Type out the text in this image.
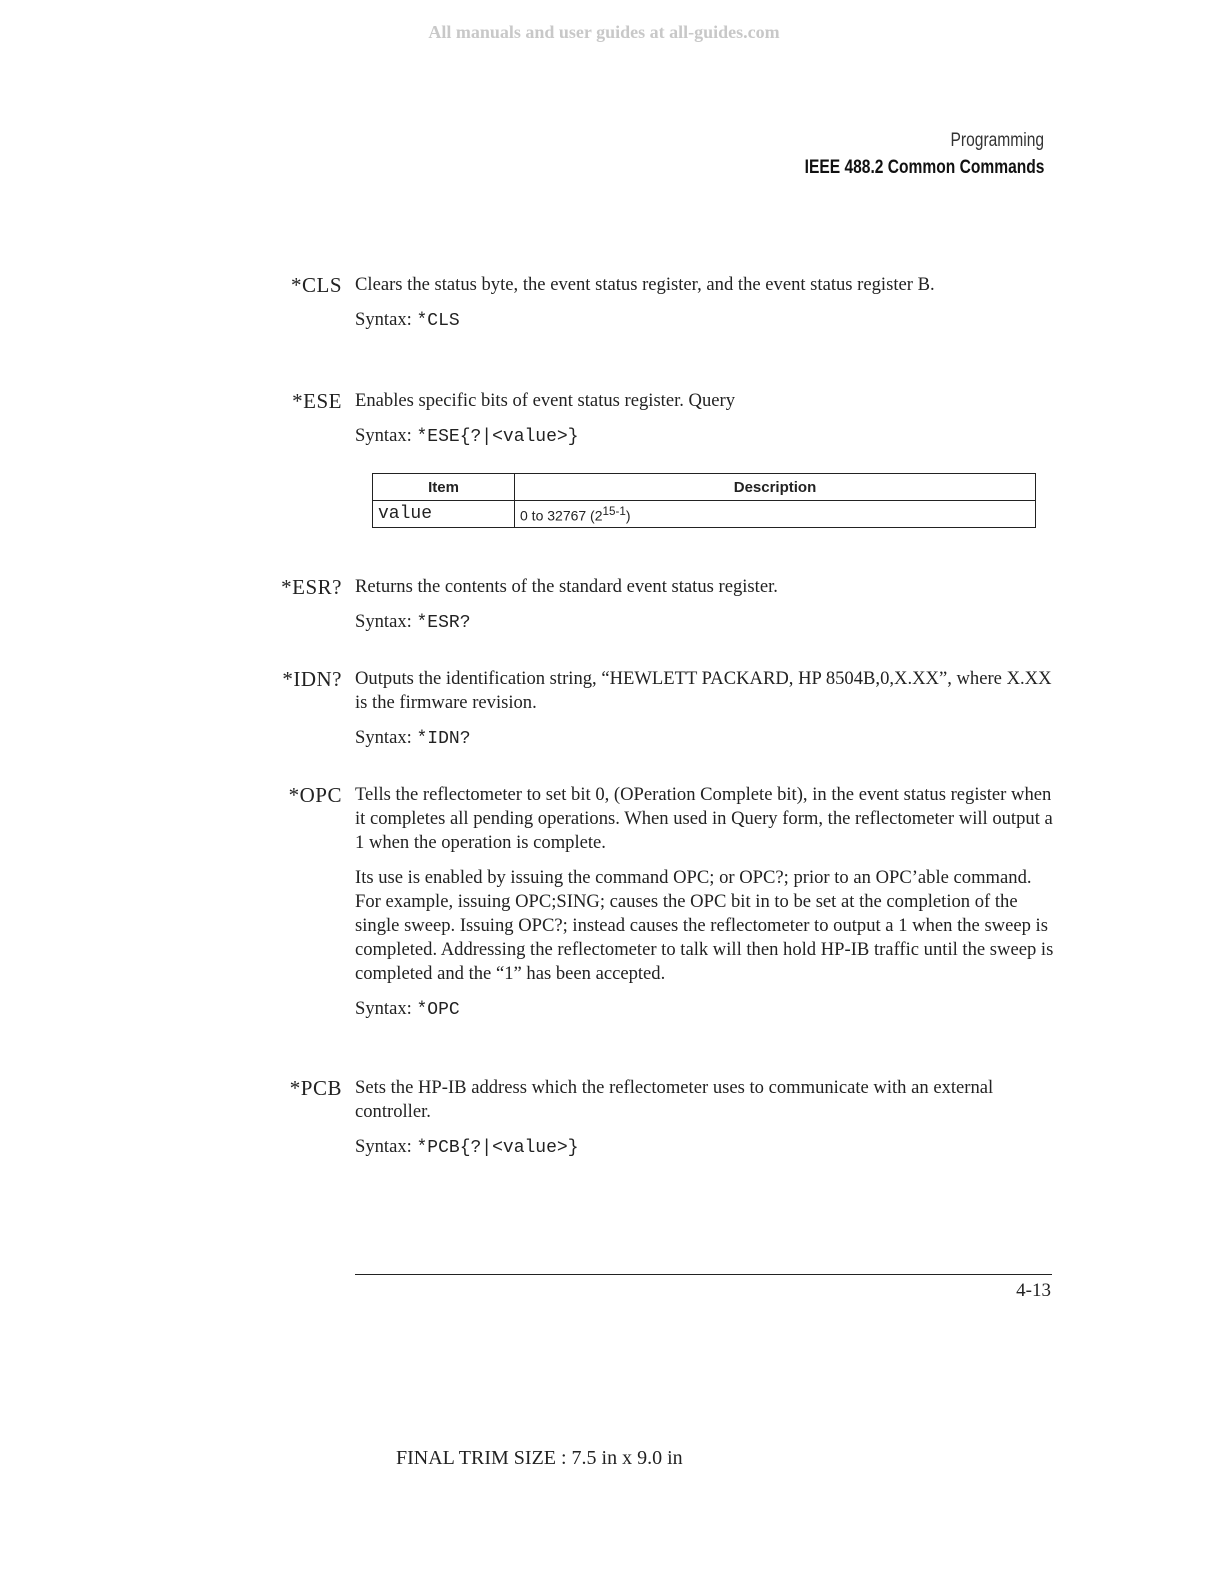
All manuals and user guides at all-guides.com
Programming
IEEE 488.2 Common Commands
*CLS Clears the status byte, the event status register, and the event status register B.

Syntax: *CLS

*ESE Enables specific bits of event status register. Query

Syntax: *ESE{?|<value>}

Item	Description
value	0 to 32767 (2$^{15-1}$)
*ESR? Returns the contents of the standard event status register.

Syntax: *ESR?

*IDN? Outputs the identification string, “HEWLETT PACKARD, HP 8504B,0,X.XX”, where X.XX is the firmware revision.

Syntax: *IDN?

*OPC Tells the reflectometer to set bit 0, (OPeration Complete bit), in the event status register when it completes all pending operations. When used in Query form, the reflectometer will output a 1 when the operation is complete.

Its use is enabled by issuing the command OPC; or OPC?; prior to an OPC’able command. For example, issuing OPC;SING; causes the OPC bit in to be set at the completion of the single sweep. Issuing OPC?; instead causes the reflectometer to output a 1 when the sweep is completed. Addressing the reflectometer to talk will then hold HP-IB traffic until the sweep is completed and the “1” has been accepted.

Syntax: *OPC

*PCB Sets the HP-IB address which the reflectometer uses to communicate with an external controller.

Syntax: *PCB{?|<value>}

4-13
FINAL TRIM SIZE : 7.5 in x 9.0 in
